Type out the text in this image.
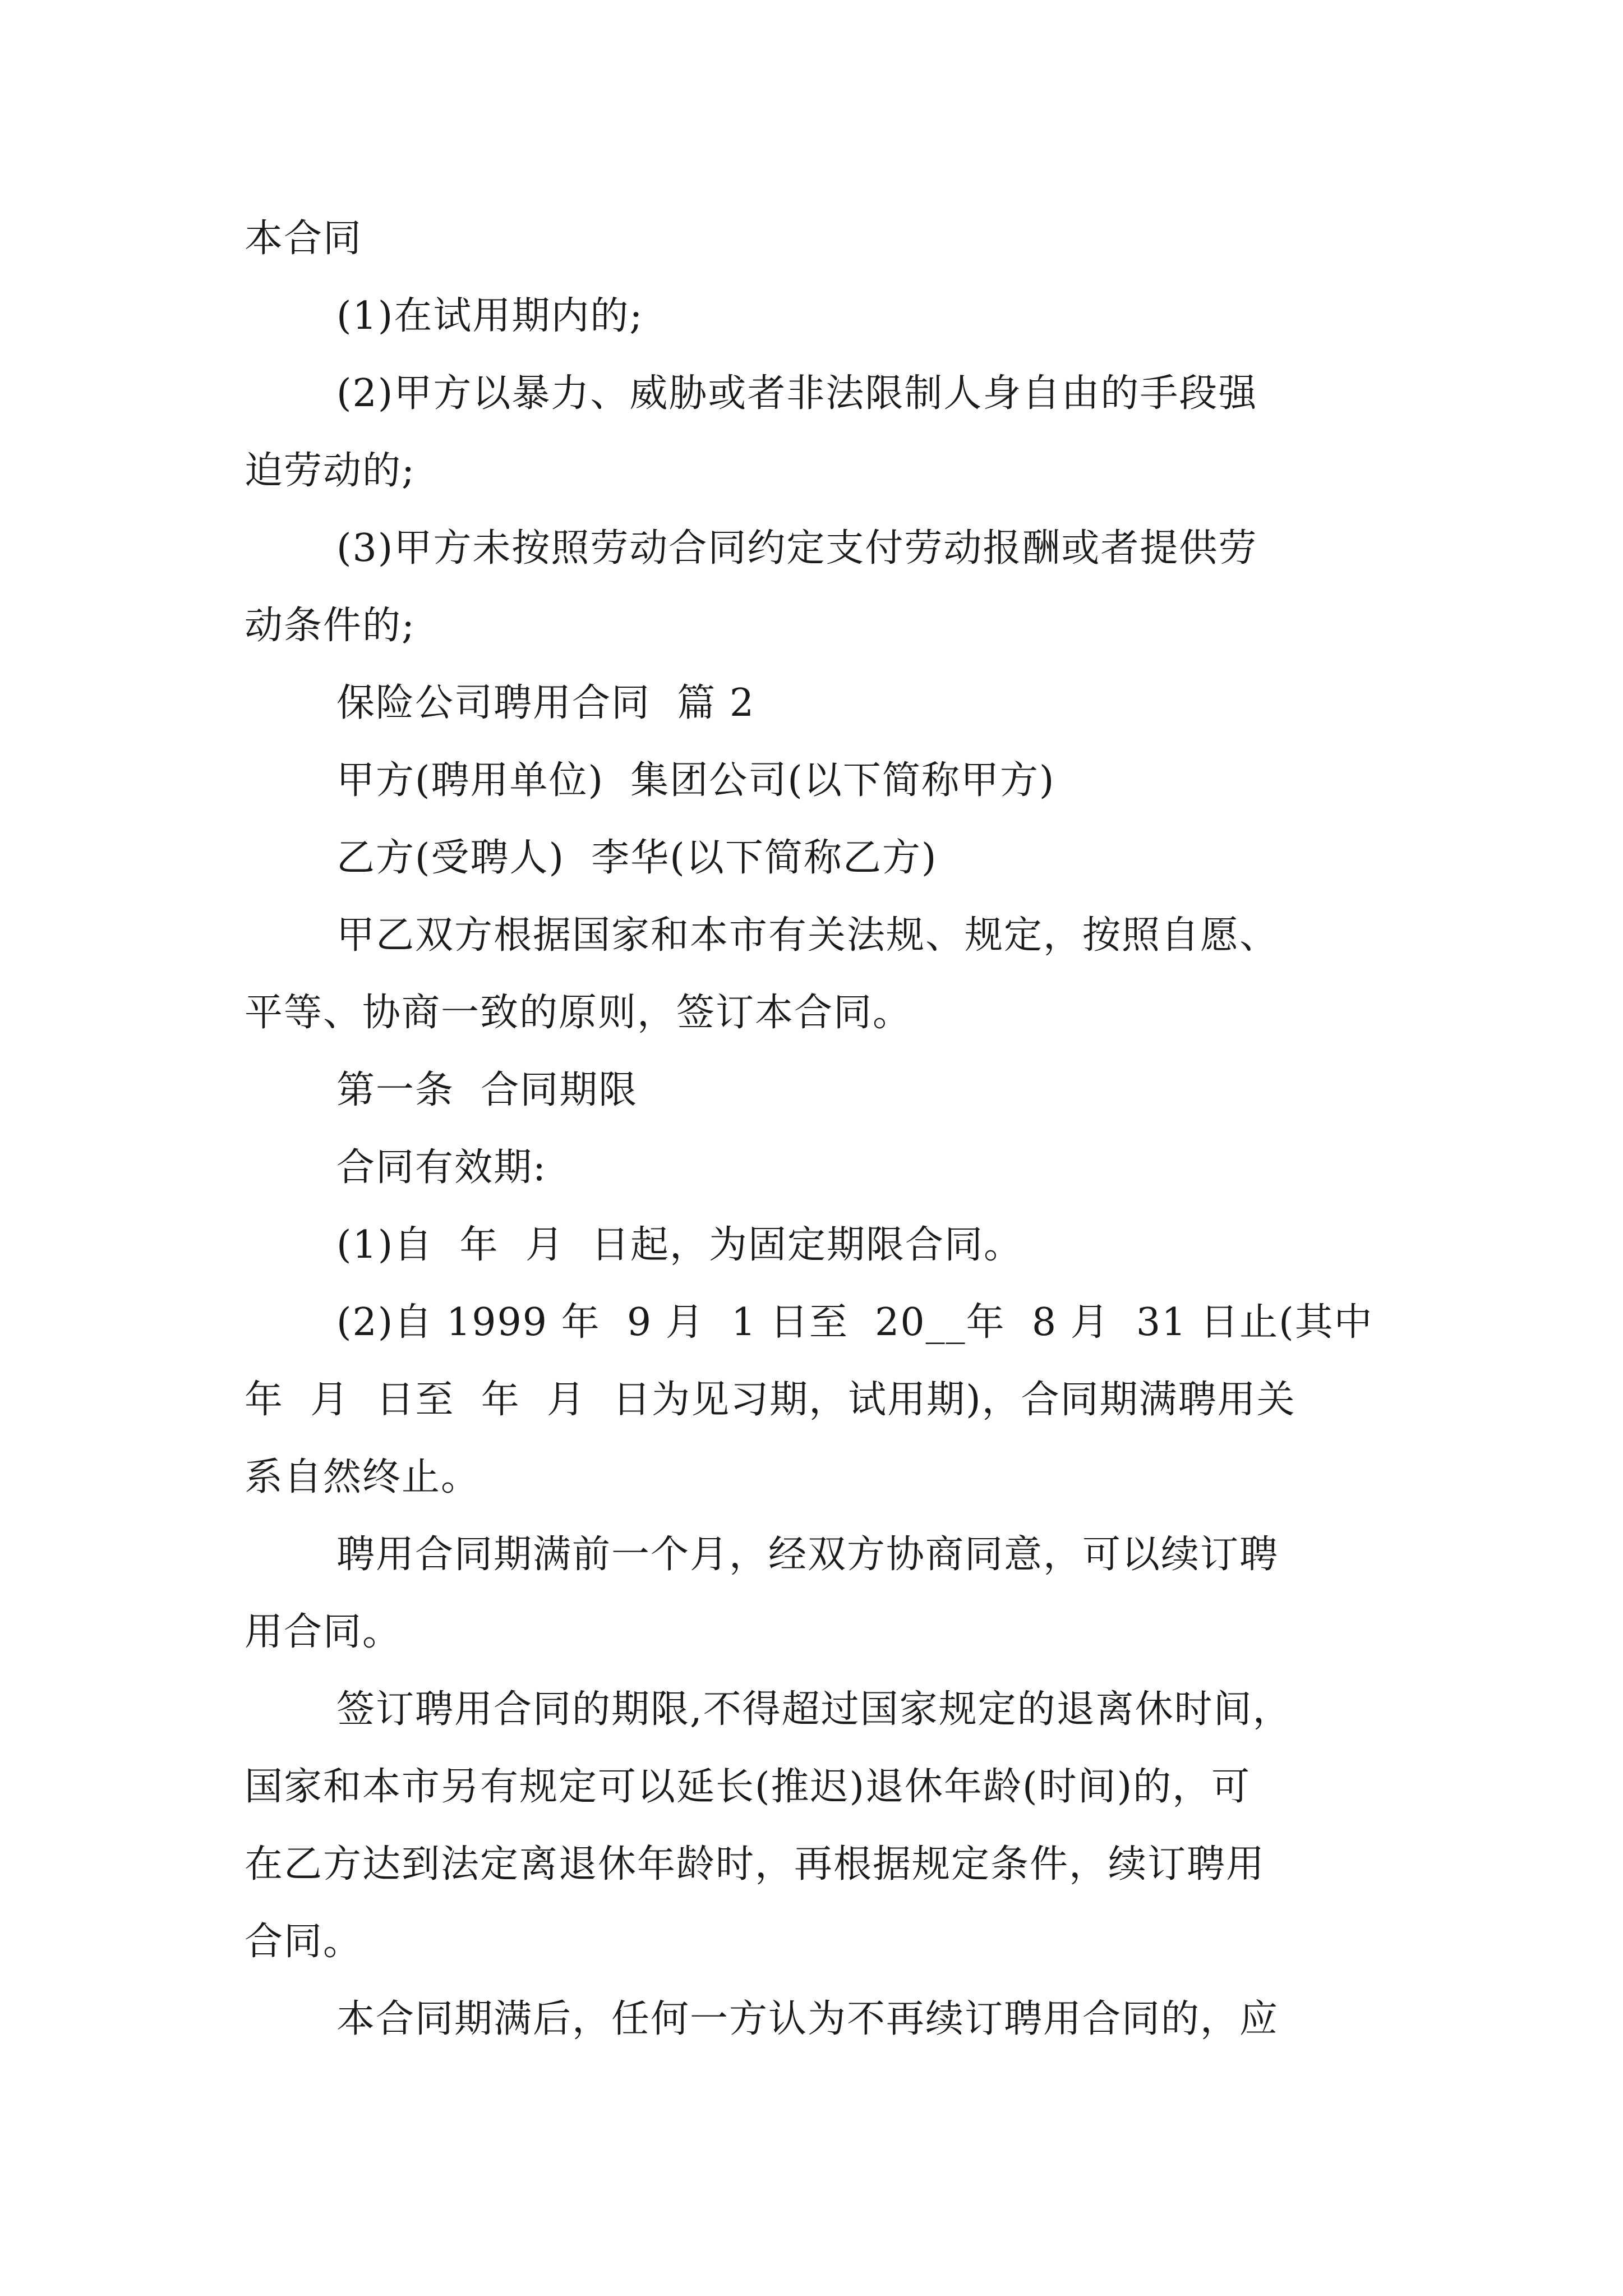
本合同

(1)在试用期内的;

(2)甲方以暴力、威胁或者非法限制人身自由的手段强

迫劳动的;

(3)甲方未按照劳动合同约定支付劳动报酬或者提供劳

动条件的;

保险公司聘用合同  篇 2

甲方(聘用单位)  集团公司(以下简称甲方)

乙方(受聘人)  李华(以下简称乙方)

甲乙双方根据国家和本市有关法规、规定，按照自愿、

平等、协商一致的原则，签订本合同。

第一条  合同期限

合同有效期:

(1)自  年  月  日起，为固定期限合同。

(2)自 1999 年  9 月  1 日至  20__年  8 月  31 日止(其中

年  月  日至  年  月  日为见习期，试用期)，合同期满聘用关

系自然终止。

聘用合同期满前一个月，经双方协商同意，可以续订聘

用合同。

签订聘用合同的期限,不得超过国家规定的退离休时间，

国家和本市另有规定可以延长(推迟)退休年龄(时间)的，可

在乙方达到法定离退休年龄时，再根据规定条件，续订聘用

合同。

本合同期满后，任何一方认为不再续订聘用合同的，应
